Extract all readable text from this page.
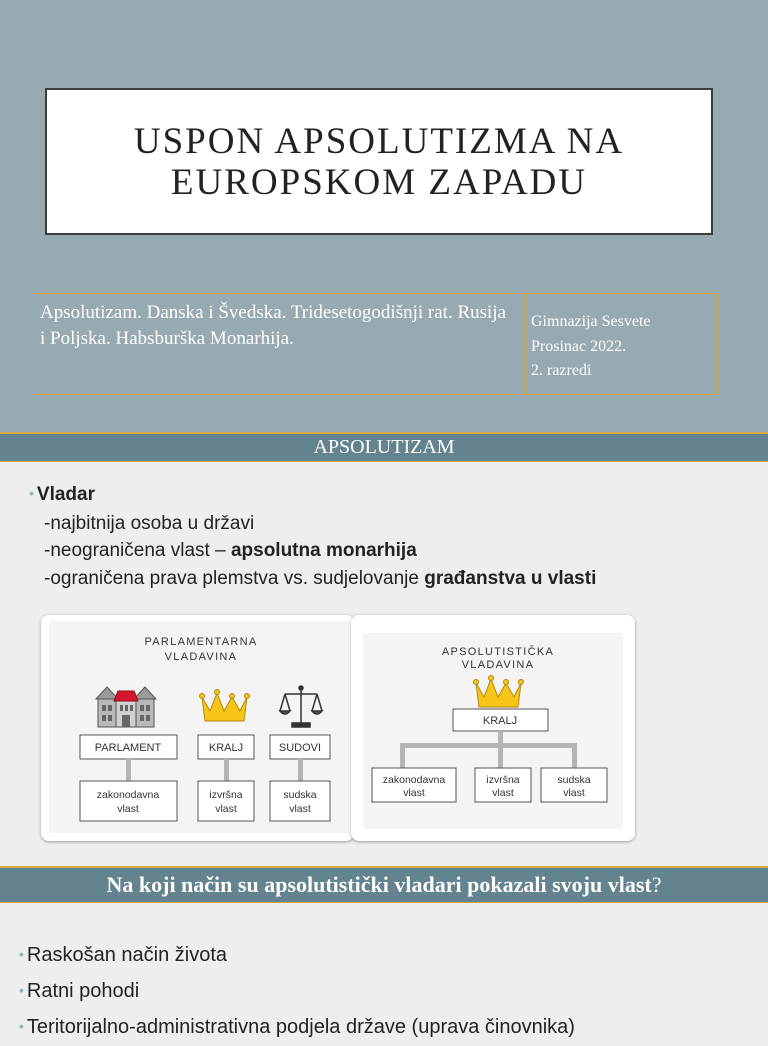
USPON APSOLUTIZMA NA
EUROPSKOM ZAPADU
Apsolutizam. Danska i Švedska. Tridesetogodišnji rat. Rusija i Poljska. Habsburška Monarhija.
Gimnazija Sesvete
Prosinac 2022.
2. razredi
APSOLUTIZAM
• Vladar
-najbitnija osoba u državi
-neograničena vlast – apsolutna monarhija
-ograničena prava plemstva vs. sudjelovanje građanstva u vlasti
PARLAMENTARNA
VLADAVINA
PARLAMENT	KRALJ	SUDOVI
zakonodavna
vlast
izvršna
vlast
sudska
vlast
APSOLUTISTIČKA
VLADAVINA
KRALJ
zakonodavna
vlast
izvršna
vlast
sudska
vlast
Na koji način su apsolutistički vladari pokazali svoju vlast?
• Raskošan način života
• Ratni pohodi
• Teritorijalno-administrativna podjela države (uprava činovnika)
